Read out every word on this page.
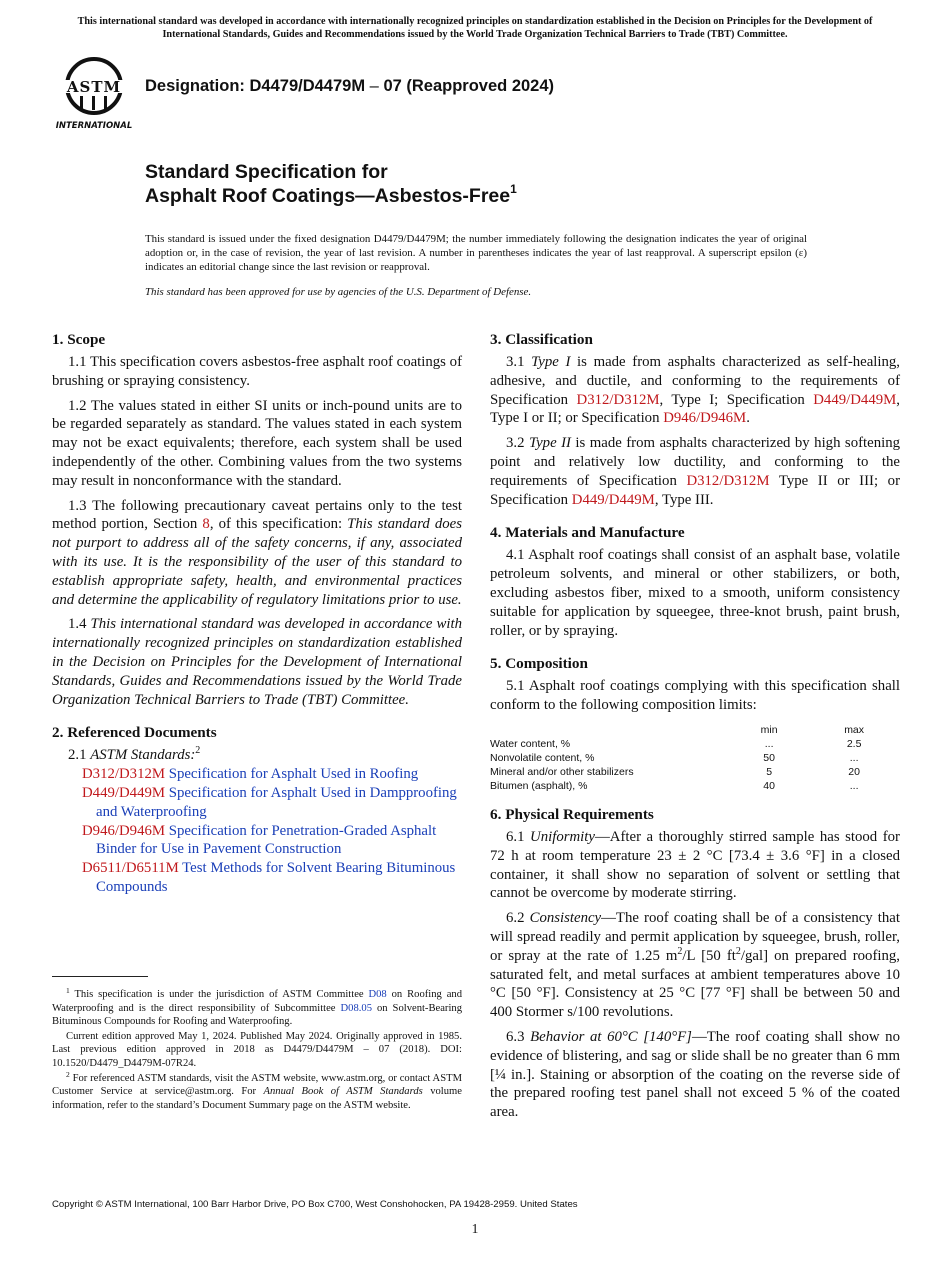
This international standard was developed in accordance with internationally recognized principles on standardization established in the Decision on Principles for the Development of International Standards, Guides and Recommendations issued by the World Trade Organization Technical Barriers to Trade (TBT) Committee.
ASTM
INTERNATIONAL
Designation: D4479/D4479M – 07 (Reapproved 2024)
Standard Specification for
Asphalt Roof Coatings—Asbestos-Free$^1$
This standard is issued under the fixed designation D4479/D4479M; the number immediately following the designation indicates the year of original adoption or, in the case of revision, the year of last revision. A number in parentheses indicates the year of last reapproval. A superscript epsilon (ε) indicates an editorial change since the last revision or reapproval.
This standard has been approved for use by agencies of the U.S. Department of Defense.
1. Scope

1.1 This specification covers asbestos-free asphalt roof coatings of brushing or spraying consistency.

1.2 The values stated in either SI units or inch-pound units are to be regarded separately as standard. The values stated in each system may not be exact equivalents; therefore, each system shall be used independently of the other. Combining values from the two systems may result in nonconformance with the standard.

1.3 The following precautionary caveat pertains only to the test method portion, Section 8, of this specification: This standard does not purport to address all of the safety concerns, if any, associated with its use. It is the responsibility of the user of this standard to establish appropriate safety, health, and environmental practices and determine the applicability of regulatory limitations prior to use.

1.4 This international standard was developed in accordance with internationally recognized principles on standardization established in the Decision on Principles for the Development of International Standards, Guides and Recommendations issued by the World Trade Organization Technical Barriers to Trade (TBT) Committee.

2. Referenced Documents

2.1 ASTM Standards:$^2$

D312/D312M Specification for Asphalt Used in Roofing
D449/D449M Specification for Asphalt Used in Dampproofing and Waterproofing
D946/D946M Specification for Penetration-Graded Asphalt Binder for Use in Pavement Construction
D6511/D6511M Test Methods for Solvent Bearing Bituminous Compounds
3. Classification

3.1 Type I is made from asphalts characterized as self-healing, adhesive, and ductile, and conforming to the requirements of Specification D312/D312M, Type I; Specification D449/D449M, Type I or II; or Specification D946/D946M.

3.2 Type II is made from asphalts characterized by high softening point and relatively low ductility, and conforming to the requirements of Specification D312/D312M Type II or III; or Specification D449/D449M, Type III.

4. Materials and Manufacture

4.1 Asphalt roof coatings shall consist of an asphalt base, volatile petroleum solvents, and mineral or other stabilizers, or both, excluding asbestos fiber, mixed to a smooth, uniform consistency suitable for application by squeegee, three-knot brush, paint brush, roller, or by spraying.

5. Composition

5.1 Asphalt roof coatings complying with this specification shall conform to the following composition limits:

	min	max
Water content, %	...	2.5
Nonvolatile content, %	50	...
Mineral and/or other stabilizers	5	20
Bitumen (asphalt), %	40	...
6. Physical Requirements

6.1 Uniformity—After a thoroughly stirred sample has stood for 72 h at room temperature 23 ± 2 °C [73.4 ± 3.6 °F] in a closed container, it shall show no separation of solvent or settling that cannot be overcome by moderate stirring.

6.2 Consistency—The roof coating shall be of a consistency that will spread readily and permit application by squeegee, brush, roller, or spray at the rate of 1.25 $m^2/L$ [50 $ft^2/gal$] on prepared roofing, saturated felt, and metal surfaces at ambient temperatures above 10 °C [50 °F]. Consistency at 25 °C [77 °F] shall be between 50 and 400 Stormer s/100 revolutions.

6.3 Behavior at 60°C [140°F]—The roof coating shall show no evidence of blistering, and sag or slide shall be no greater than 6 mm [¼ in.]. Staining or absorption of the coating on the reverse side of the prepared roofing test panel shall not exceed 5 % of the coated area.

$^1$ This specification is under the jurisdiction of ASTM Committee D08 on Roofing and Waterproofing and is the direct responsibility of Subcommittee D08.05 on Solvent-Bearing Bituminous Compounds for Roofing and Waterproofing.

Current edition approved May 1, 2024. Published May 2024. Originally approved in 1985. Last previous edition approved in 2018 as D4479/D4479M – 07 (2018). DOI: 10.1520/D4479_D4479M-07R24.

$^2$ For referenced ASTM standards, visit the ASTM website, www.astm.org, or contact ASTM Customer Service at service@astm.org. For Annual Book of ASTM Standards volume information, refer to the standard’s Document Summary page on the ASTM website.

Copyright © ASTM International, 100 Barr Harbor Drive, PO Box C700, West Conshohocken, PA 19428-2959. United States
1
